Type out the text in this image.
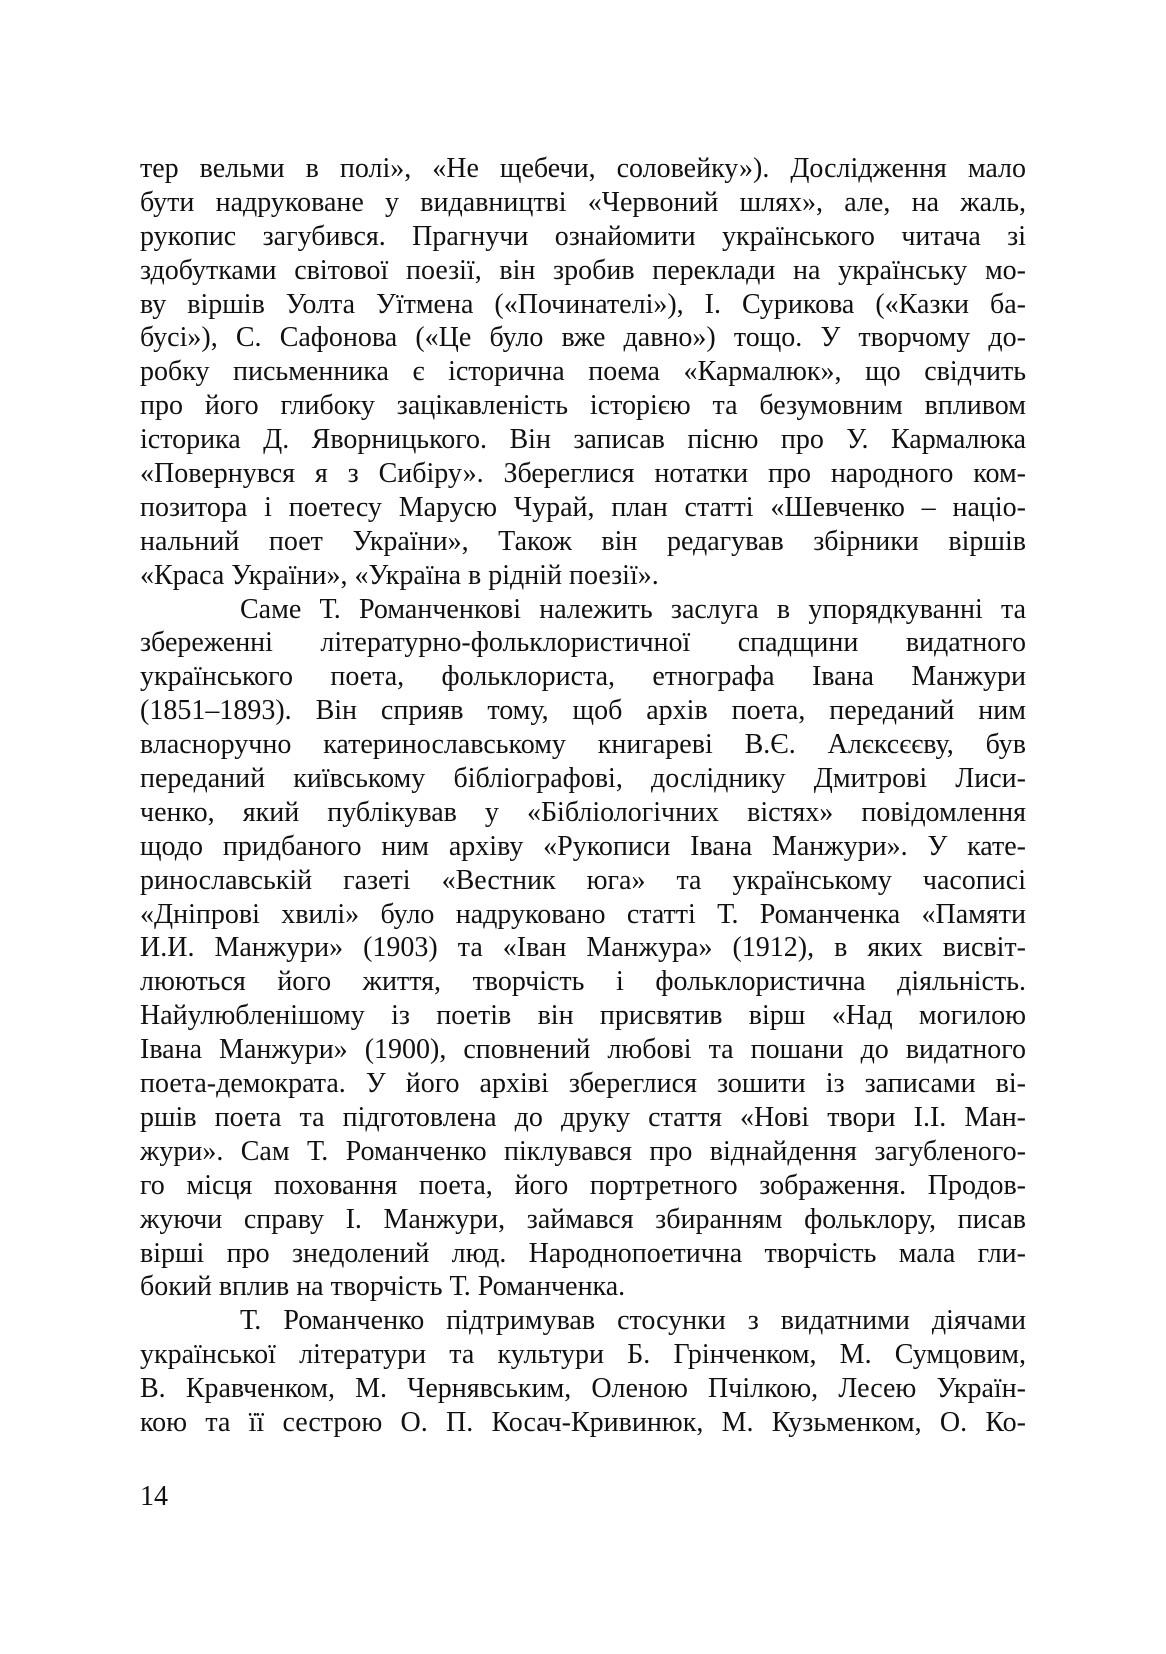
тер вельми в полі», «Не щебечи, соловейку»). Дослідження мало
бути надруковане у видавництві «Червоний шлях», але, на жаль,
рукопис загубився. Прагнучи ознайомити українського читача зі
здобутками світової поезії, він зробив переклади на українську мо-
ву віршів Уолта Уїтмена («Починателі»), І. Сурикова («Казки ба-
бусі»), С. Сафонова («Це було вже давно») тощо. У творчому до-
робку письменника є історична поема «Кармалюк», що свідчить
про його глибоку зацікавленість історією та безумовним впливом
історика Д. Яворницького. Він записав пісню про У. Кармалюка
«Повернувся я з Сибіру». Збереглися нотатки про народного ком-
позитора і поетесу Марусю Чурай, план статті «Шевченко – націо-
нальний поет України», Також він редагував збірники віршів
«Краса України», «Україна в рідній поезії».
Саме Т. Романченкові належить заслуга в упорядкуванні та
збереженні літературно-фольклористичної спадщини видатного
українського поета, фольклориста, етнографа Івана Манжури
(1851–1893). Він сприяв тому, щоб архів поета, переданий ним
власноручно катеринославському книгареві В.Є. Алєксєєву, був
переданий київському бібліографові, досліднику Дмитрові Лиси-
ченко, який публікував у «Бібліологічних вістях» повідомлення
щодо придбаного ним архіву «Рукописи Івана Манжури». У кате-
ринославській газеті «Вестник юга» та українському часописі
«Дніпрові хвилі» було надруковано статті Т. Романченка «Памяти
И.И. Манжури» (1903) та «Іван Манжура» (1912), в яких висвіт-
люються його життя, творчість і фольклористична діяльність.
Найулюбленішому із поетів він присвятив вірш «Над могилою
Івана Манжури» (1900), сповнений любові та пошани до видатного
поета-демократа. У його архіві збереглися зошити із записами ві-
ршів поета та підготовлена до друку стаття «Нові твори І.І. Ман-
жури». Сам Т. Романченко піклувався про віднайдення загубленого-
го місця поховання поета, його портретного зображення. Продов-
жуючи справу І. Манжури, займався збиранням фольклору, писав
вірші про знедолений люд. Народнопоетична творчість мала гли-
бокий вплив на творчість Т. Романченка.
Т. Романченко підтримував стосунки з видатними діячами
української літератури та культури Б. Грінченком, М. Сумцовим,
В. Кравченком, М. Чернявським, Оленою Пчілкою, Лесею Україн-
кою та її сестрою О. П. Косач-Кривинюк, М. Кузьменком, О. Ко-
14
